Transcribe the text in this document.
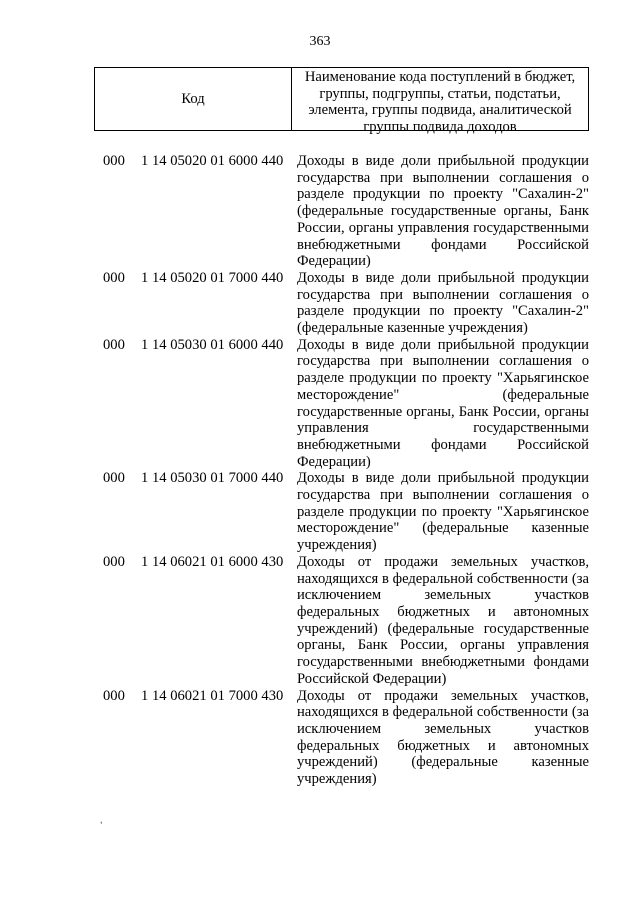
363
Код
Наименование кода поступлений в бюджет,
группы, подгруппы, статьи, подстатьи,
элемента, группы подвида, аналитической
группы подвида доходов
000 1 14 05020 01 6000 440 Доходы в виде доли прибыльной продукции
государства при выполнении соглашения о
разделе продукции по проекту "Сахалин-2"
(федеральные государственные органы, Банк
России, органы управления государственными
внебюджетными фондами Российской
Федерации)
000 1 14 05020 01 7000 440 Доходы в виде доли прибыльной продукции
государства при выполнении соглашения о
разделе продукции по проекту "Сахалин-2"
(федеральные казенные учреждения)
000 1 14 05030 01 6000 440 Доходы в виде доли прибыльной продукции
государства при выполнении соглашения о
разделе продукции по проекту "Харьягинское
месторождение" (федеральные
государственные органы, Банк России, органы
управления государственными
внебюджетными фондами Российской
Федерации)
000 1 14 05030 01 7000 440 Доходы в виде доли прибыльной продукции
государства при выполнении соглашения о
разделе продукции по проекту "Харьягинское
месторождение" (федеральные казенные
учреждения)
000 1 14 06021 01 6000 430 Доходы от продажи земельных участков,
находящихся в федеральной собственности (за
исключением земельных участков
федеральных бюджетных и автономных
учреждений) (федеральные государственные
органы, Банк России, органы управления
государственными внебюджетными фондами
Российской Федерации)
000 1 14 06021 01 7000 430 Доходы от продажи земельных участков,
находящихся в федеральной собственности (за
исключением земельных участков
федеральных бюджетных и автономных
учреждений) (федеральные казенные
учреждения)
‘
